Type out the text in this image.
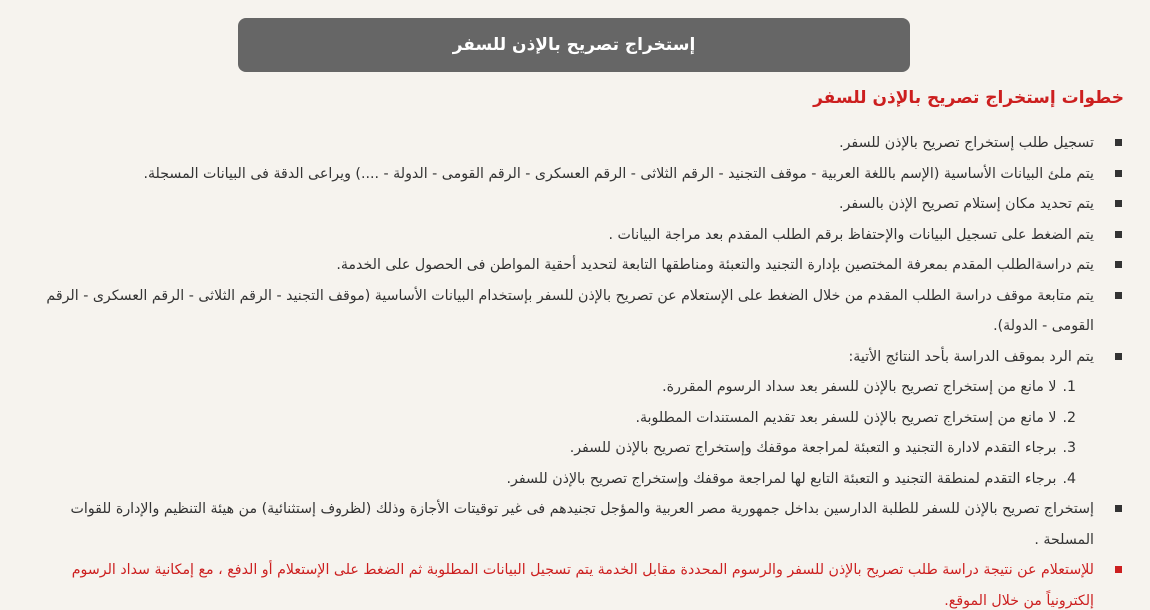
إستخراج تصريح بالإذن للسفر
خطوات إستخراج تصريح بالإذن للسفر
تسجيل طلب إستخراج تصريح بالإذن للسفر.
يتم ملئ البيانات الأساسية (الإسم باللغة العربية - موقف التجنيد - الرقم الثلاثى - الرقم العسكرى - الرقم القومى - الدولة - ....) ويراعى الدقة فى البيانات المسجلة.
يتم تحديد مكان إستلام تصريح الإذن بالسفر.
يتم الضغط على تسجيل البيانات والإحتفاظ برقم الطلب المقدم بعد مراجة البيانات .
يتم دراسةالطلب المقدم بمعرفة المختصين بإدارة التجنيد والتعبئة ومناطقها التابعة لتحديد أحقية المواطن فى الحصول على الخدمة.
يتم متابعة موقف دراسة الطلب المقدم من خلال الضغط على الإستعلام عن تصريح بالإذن للسفر بإستخدام البيانات الأساسية (موقف التجنيد - الرقم الثلاثى - الرقم العسكرى - الرقم القومى - الدولة).
يتم الرد بموقف الدراسة بأحد النتائج الأتية:
1.لا مانع من إستخراج تصريح بالإذن للسفر بعد سداد الرسوم المقررة.
2.لا مانع من إستخراج تصريح بالإذن للسفر بعد تقديم المستندات المطلوبة.
3.برجاء التقدم لادارة التجنيد و التعبئة لمراجعة موقفك وإستخراج تصريح بالإذن للسفر.
4.برجاء التقدم لمنطقة التجنيد و التعبئة التابع لها لمراجعة موقفك وإستخراج تصريح بالإذن للسفر.
إستخراج تصريح بالإذن للسفر للطلبة الدارسين بداخل جمهورية مصر العربية والمؤجل تجنيدهم فى غير توقيتات الأجازة وذلك (لظروف إستثنائية) من هيئة التنظيم والإدارة للقوات المسلحة .
للإستعلام عن نتيجة دراسة طلب تصريح بالإذن للسفر والرسوم المحددة مقابل الخدمة يتم تسجيل البيانات المطلوبة ثم الضغط على الإستعلام أو الدفع ، مع إمكانية سداد الرسوم إلكترونياً من خلال الموقع.
